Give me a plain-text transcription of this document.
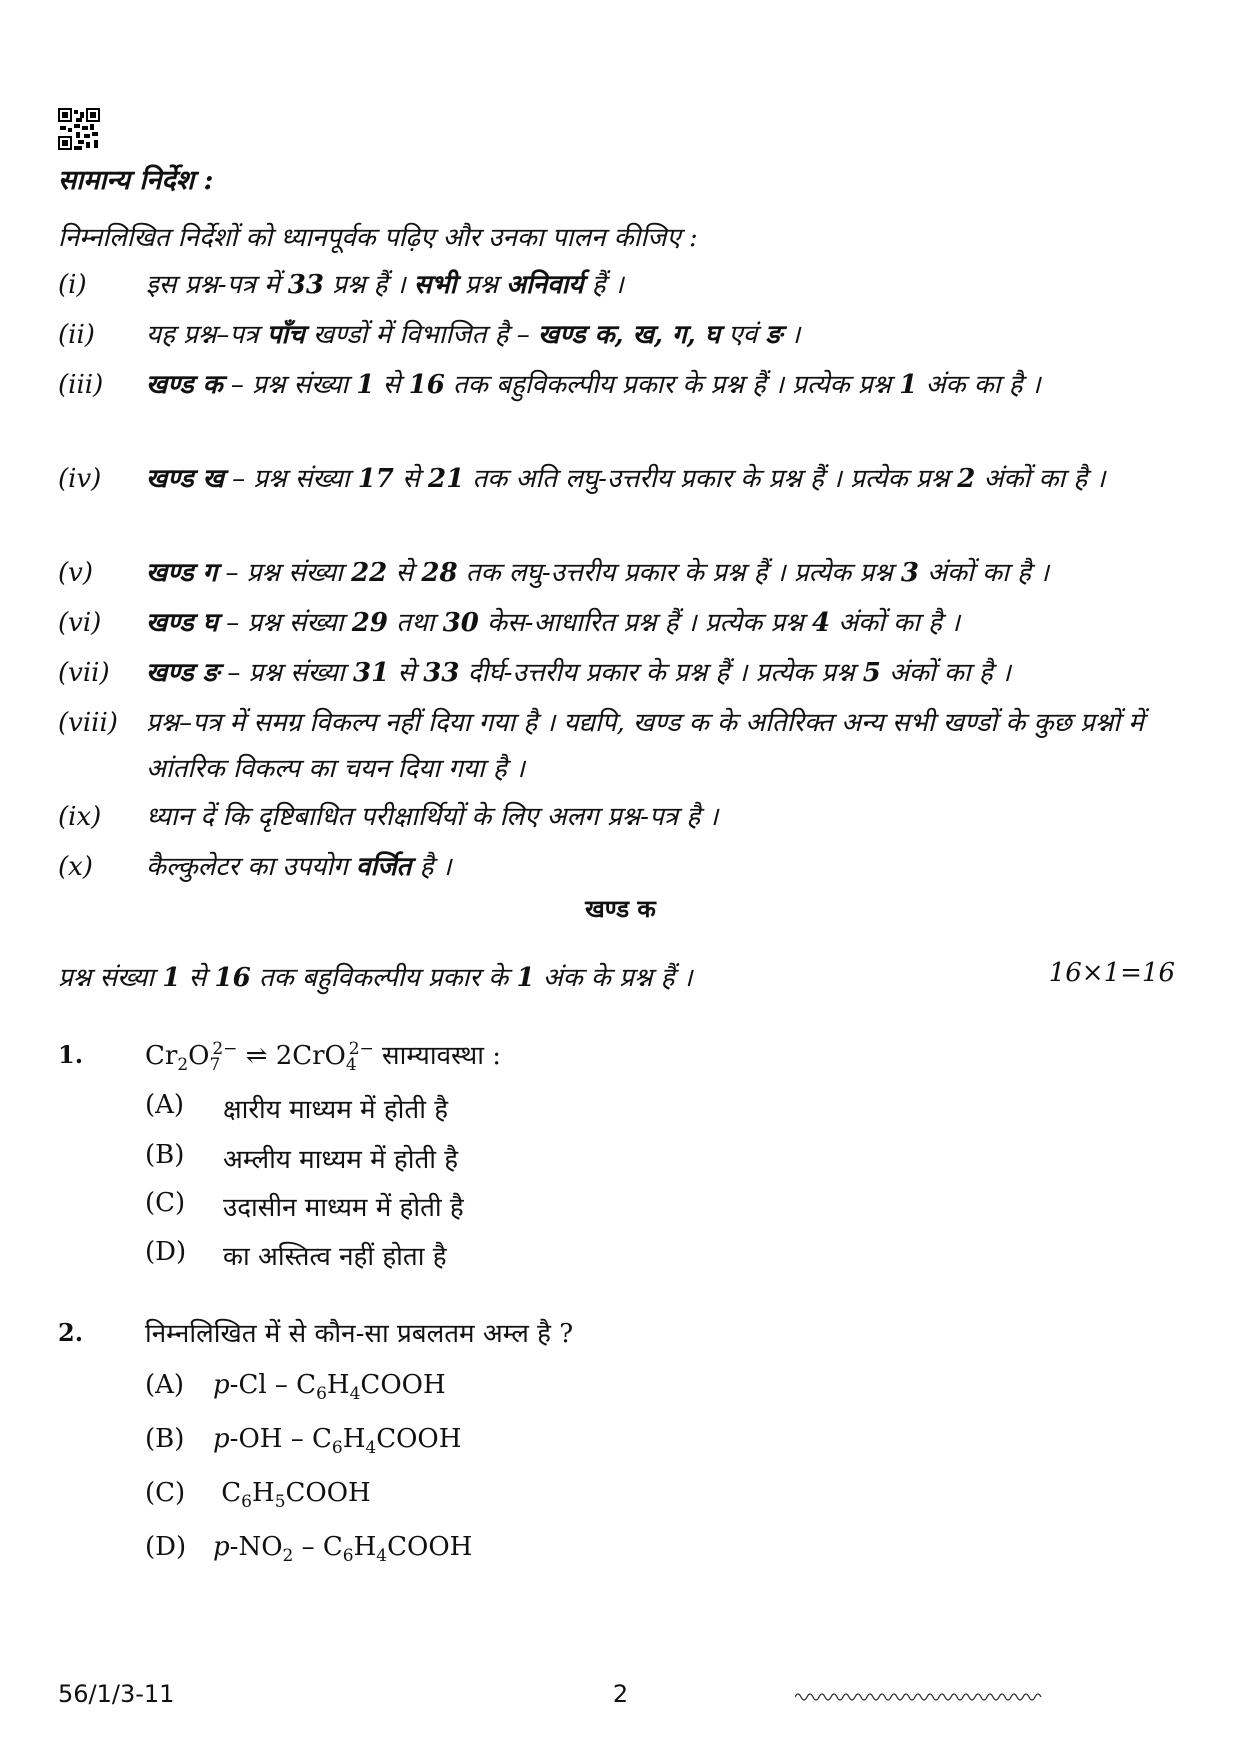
सामान्य निर्देश :
निम्नलिखित निर्देशों को ध्यानपूर्वक पढ़िए और उनका पालन कीजिए :
(i)	इस प्रश्न-पत्र में 33 प्रश्न हैं । सभी प्रश्न अनिवार्य हैं ।
(ii)	यह प्रश्न–पत्र पाँच खण्डों में विभाजित है – खण्ड क, ख, ग, घ एवं ङ ।
(iii)	खण्ड क – प्रश्न संख्या 1 से 16 तक बहुविकल्पीय प्रकार के प्रश्न हैं । प्रत्येक प्रश्न 1 अंक का है ।
(iv)	खण्ड ख – प्रश्न संख्या 17 से 21 तक अति लघु-उत्तरीय प्रकार के प्रश्न हैं । प्रत्येक प्रश्न 2 अंकों का है ।
(v)	खण्ड ग – प्रश्न संख्या 22 से 28 तक लघु-उत्तरीय प्रकार के प्रश्न हैं । प्रत्येक प्रश्न 3 अंकों का है ।
(vi)	खण्ड घ – प्रश्न संख्या 29 तथा 30 केस-आधारित प्रश्न हैं । प्रत्येक प्रश्न 4 अंकों का है ।
(vii)	खण्ड ङ – प्रश्न संख्या 31 से 33 दीर्घ-उत्तरीय प्रकार के प्रश्न हैं । प्रत्येक प्रश्न 5 अंकों का है ।
(viii)	प्रश्न–पत्र में समग्र विकल्प नहीं दिया गया है । यद्यपि, खण्ड क के अतिरिक्त अन्य सभी खण्डों के कुछ प्रश्नों में आंतरिक विकल्प का चयन दिया गया है ।
(ix)	ध्यान दें कि दृष्टिबाधित परीक्षार्थियों के लिए अलग प्रश्न-पत्र है ।
(x)	कैल्कुलेटर का उपयोग वर्जित है ।
खण्ड क
प्रश्न संख्या 1 से 16 तक बहुविकल्पीय प्रकार के 1 अंक के प्रश्न हैं ।	16×1=16
1. $Cr_2O_7^{2-}$ ⇌ 2CrO$_4^{2-}$ साम्यावस्था :
(A) क्षारीय माध्यम में होती है
(B) अम्लीय माध्यम में होती है
(C) उदासीन माध्यम में होती है
(D) का अस्तित्व नहीं होता है
2. निम्नलिखित में से कौन-सा प्रबलतम अम्ल है ?
(A) $p-Cl - C_6H_4COOH$
(B) $p-OH - C_6H_4COOH$
(C) $C_6H_5COOH$
(D) $p-NO_2$ – $C_6H_4COOH$
56/1/3-11	2
